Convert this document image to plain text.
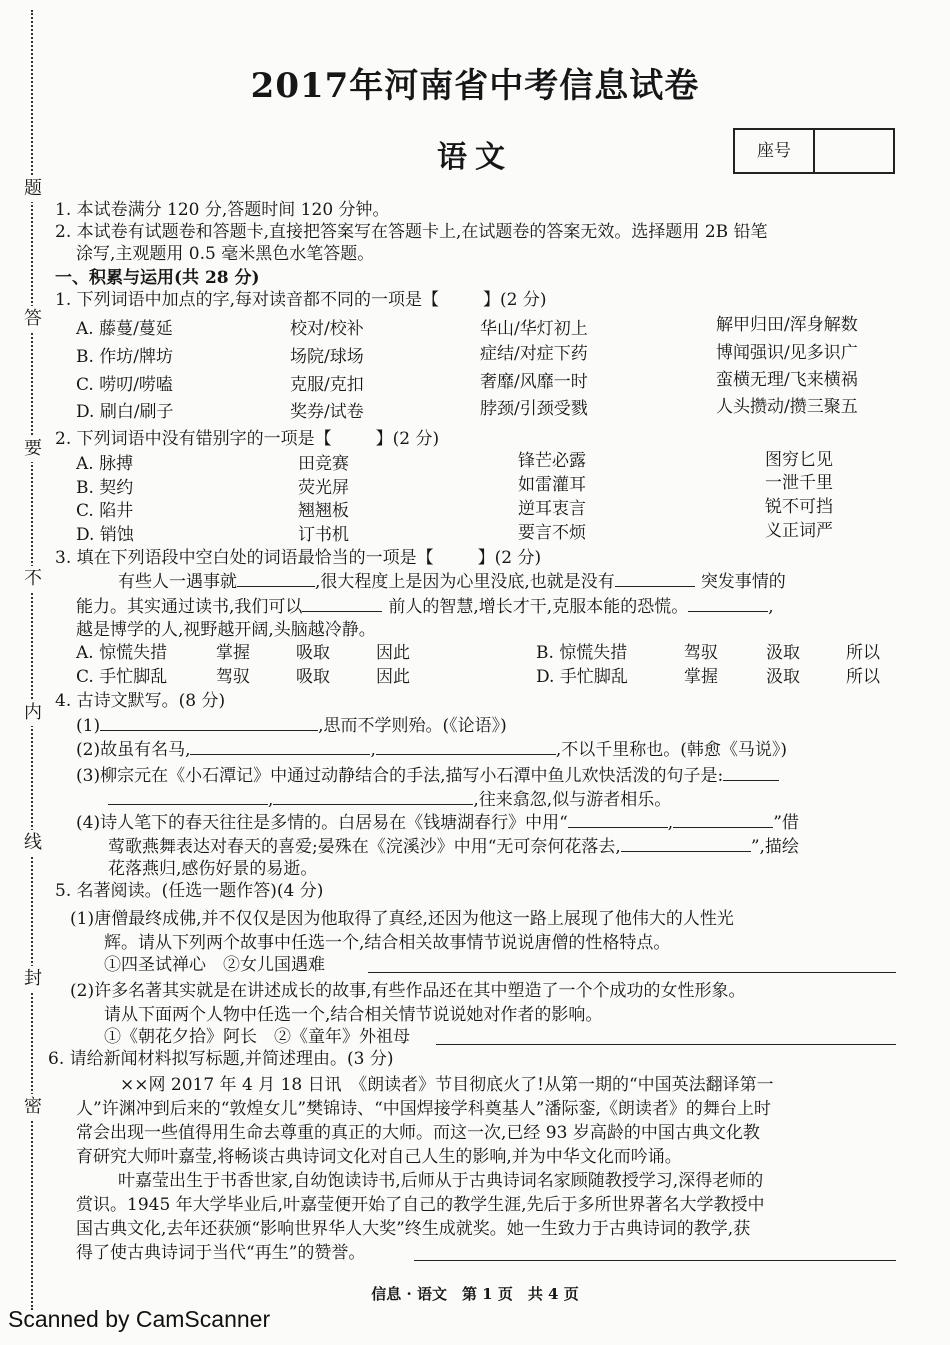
题
答
要
不
内
线
封
密
2017年河南省中考信息试卷
语文	座号
1. 本试卷满分 120 分,答题时间 120 分钟。
2. 本试卷有试题卷和答题卡,直接把答案写在答题卡上,在试题卷的答案无效。选择题用 2B 铅笔
涂写,主观题用 0.5 毫米黑色水笔答题。
一、积累与运用(共 28 分)
1. 下列词语中加点的字,每对读音都不同的一项是【	】(2 分)
A. 藤蔓/蔓延	校对/校补	华山/华灯初上	解甲归田/浑身解数
B. 作坊/牌坊	场院/球场	症结/对症下药	博闻强识/见多识广
C. 唠叨/唠嗑	克服/克扣	奢靡/风靡一时	蛮横无理/飞来横祸
D. 刷白/刷子	奖券/试卷	脖颈/引颈受戮	人头攒动/攒三聚五
2. 下列词语中没有错别字的一项是【	】(2 分)
A. 脉搏	田竞赛	锋芒必露	图穷匕见
B. 契约	荧光屏	如雷灌耳	一泄千里
C. 陷井	翘翘板	逆耳衷言	锐不可挡
D. 销蚀	订书机	要言不烦	义正词严
3. 填在下列语段中空白处的词语最恰当的一项是【	】(2 分)
有些人一遇事就	,很大程度上是因为心里没底,也就是没有	突发事情的
能力。其实通过读书,我们可以	前人的智慧,增长才干,克服本能的恐慌。	,
越是博学的人,视野越开阔,头脑越冷静。
A. 惊慌失措	掌握	吸取	因此	B. 惊慌失措	驾驭	汲取	所以
C. 手忙脚乱	驾驭	吸取	因此	D. 手忙脚乱	掌握	汲取	所以
4. 古诗文默写。(8 分)
(1)	,思而不学则殆。(《论语》)
(2)故虽有名马,	,	,不以千里称也。(韩愈《马说》)
(3)柳宗元在《小石潭记》中通过动静结合的手法,描写小石潭中鱼儿欢快活泼的句子是:
,	,往来翕忽,似与游者相乐。
(4)诗人笔下的春天往往是多情的。白居易在《钱塘湖春行》中用“	,	”借
莺歌燕舞表达对春天的喜爱;晏殊在《浣溪沙》中用“无可奈何花落去,	”,描绘
花落燕归,感伤好景的易逝。
5. 名著阅读。(任选一题作答)(4 分)
(1)唐僧最终成佛,并不仅仅是因为他取得了真经,还因为他这一路上展现了他伟大的人性光
辉。请从下列两个故事中任选一个,结合相关故事情节说说唐僧的性格特点。
①四圣试禅心　②女儿国遇难
(2)许多名著其实就是在讲述成长的故事,有些作品还在其中塑造了一个个成功的女性形象。
请从下面两个人物中任选一个,结合相关情节说说她对作者的影响。
①《朝花夕拾》阿长　②《童年》外祖母
6. 请给新闻材料拟写标题,并简述理由。(3 分)
××网 2017 年 4 月 18 日讯　《朗读者》节目彻底火了!从第一期的“中国英法翻译第一
人”许渊冲到后来的“敦煌女儿”樊锦诗、“中国焊接学科奠基人”潘际銮,《朗读者》的舞台上时
常会出现一些值得用生命去尊重的真正的大师。而这一次,已经 93 岁高龄的中国古典文化教
育研究大师叶嘉莹,将畅谈古典诗词文化对自己人生的影响,并为中华文化而吟诵。
叶嘉莹出生于书香世家,自幼饱读诗书,后师从于古典诗词名家顾随教授学习,深得老师的
赏识。1945 年大学毕业后,叶嘉莹便开始了自己的教学生涯,先后于多所世界著名大学教授中
国古典文化,去年还获颁“影响世界华人大奖”终生成就奖。她一生致力于古典诗词的教学,获
得了使古典诗词于当代“再生”的赞誉。
信息 · 语文　第 1 页　共 4 页
Scanned by CamScanner
